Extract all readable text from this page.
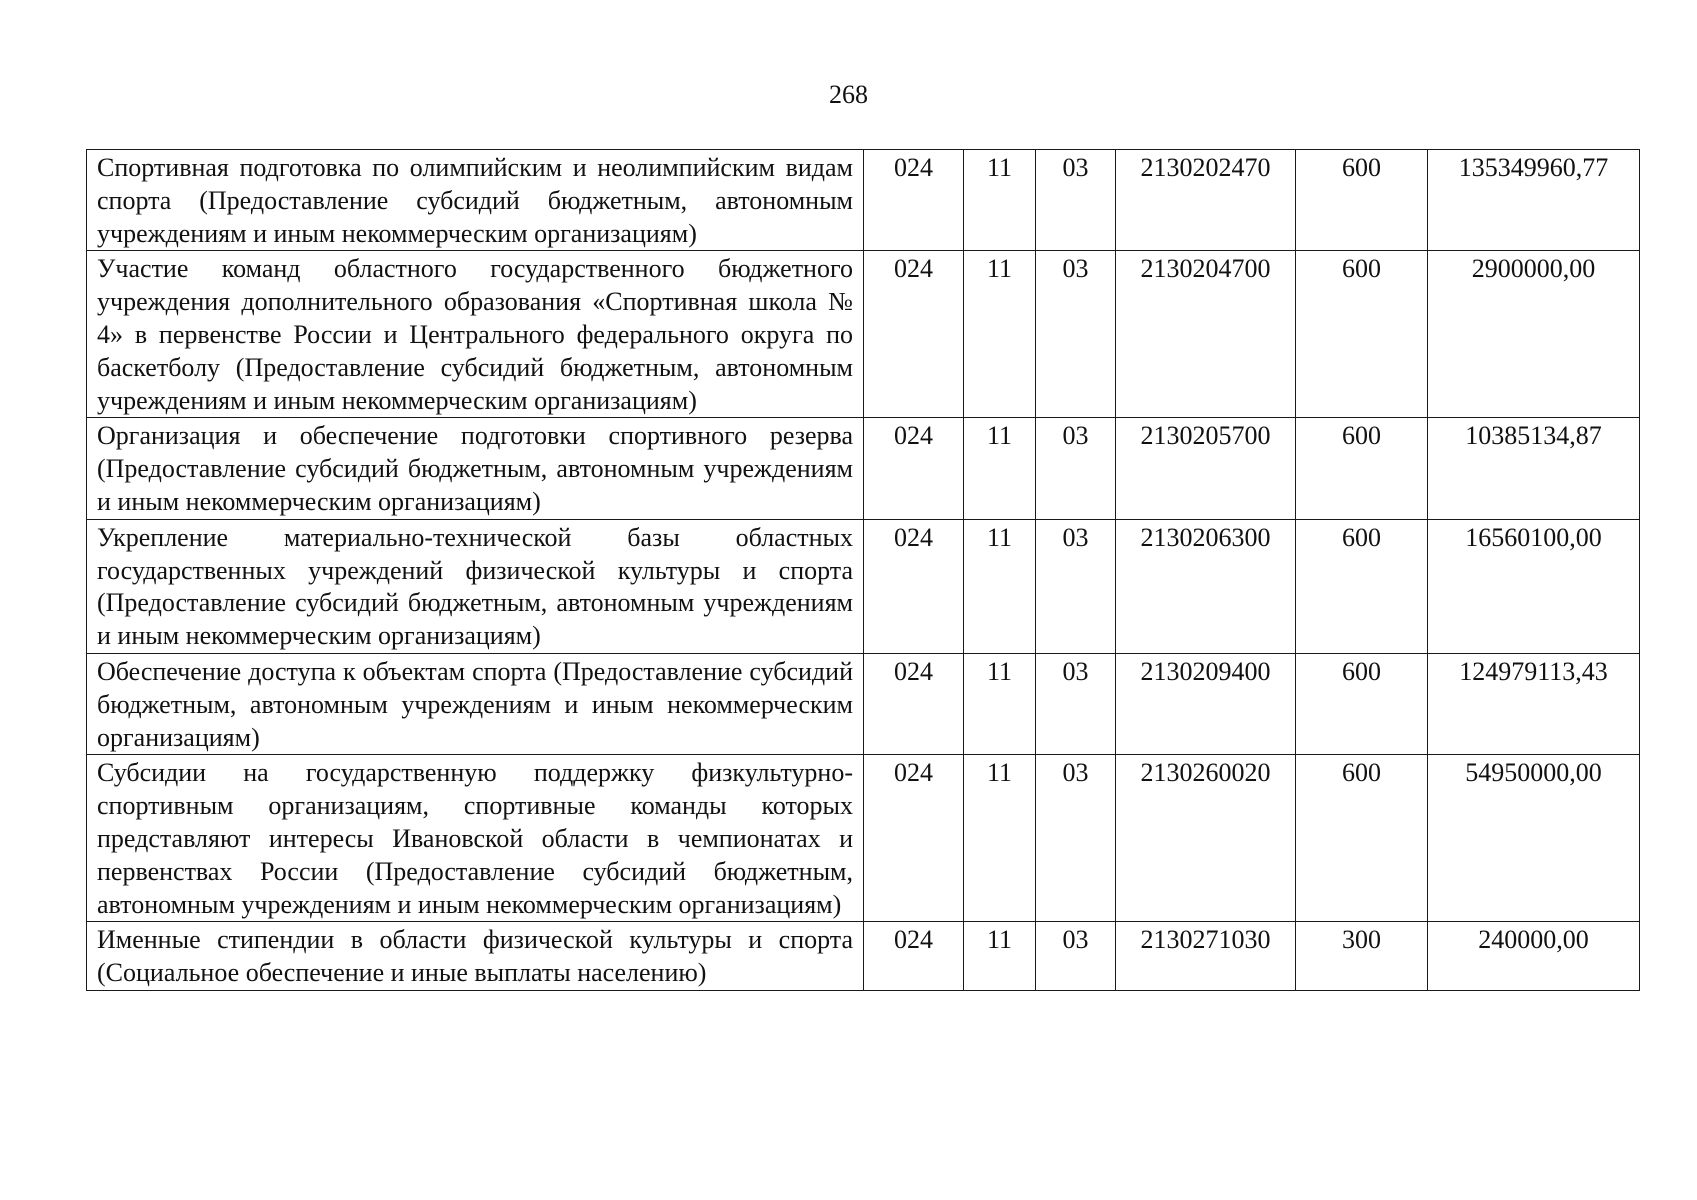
268
Спортивная подготовка по олимпийским и неолимпийским видам спорта (Предоставление субсидий бюджетным, автономным учреждениям и иным некоммерческим организациям)	024	11	03	2130202470	600	135349960,77
Участие команд областного государственного бюджетного учреждения дополнительного образования «Спортивная школа № 4» в первенстве России и Центрального федерального округа по баскетболу (Предоставление субсидий бюджетным, автономным учреждениям и иным некоммерческим организациям)	024	11	03	2130204700	600	2900000,00
Организация и обеспечение подготовки спортивного резерва (Предоставление субсидий бюджетным, автономным учреждениям и иным некоммерческим организациям)	024	11	03	2130205700	600	10385134,87
Укрепление материально-технической базы областных государственных учреждений физической культуры и спорта (Предоставление субсидий бюджетным, автономным учреждениям и иным некоммерческим организациям)	024	11	03	2130206300	600	16560100,00
Обеспечение доступа к объектам спорта (Предоставление субсидий бюджетным, автономным учреждениям и иным некоммерческим организациям)	024	11	03	2130209400	600	124979113,43
Субсидии на государственную поддержку физкультурно-спортивным организациям, спортивные команды которых представляют интересы Ивановской области в чемпионатах и первенствах России (Предоставление субсидий бюджетным, автономным учреждениям и иным некоммерческим организациям)	024	11	03	2130260020	600	54950000,00
Именные стипендии в области физической культуры и спорта (Социальное обеспечение и иные выплаты населению)	024	11	03	2130271030	300	240000,00
